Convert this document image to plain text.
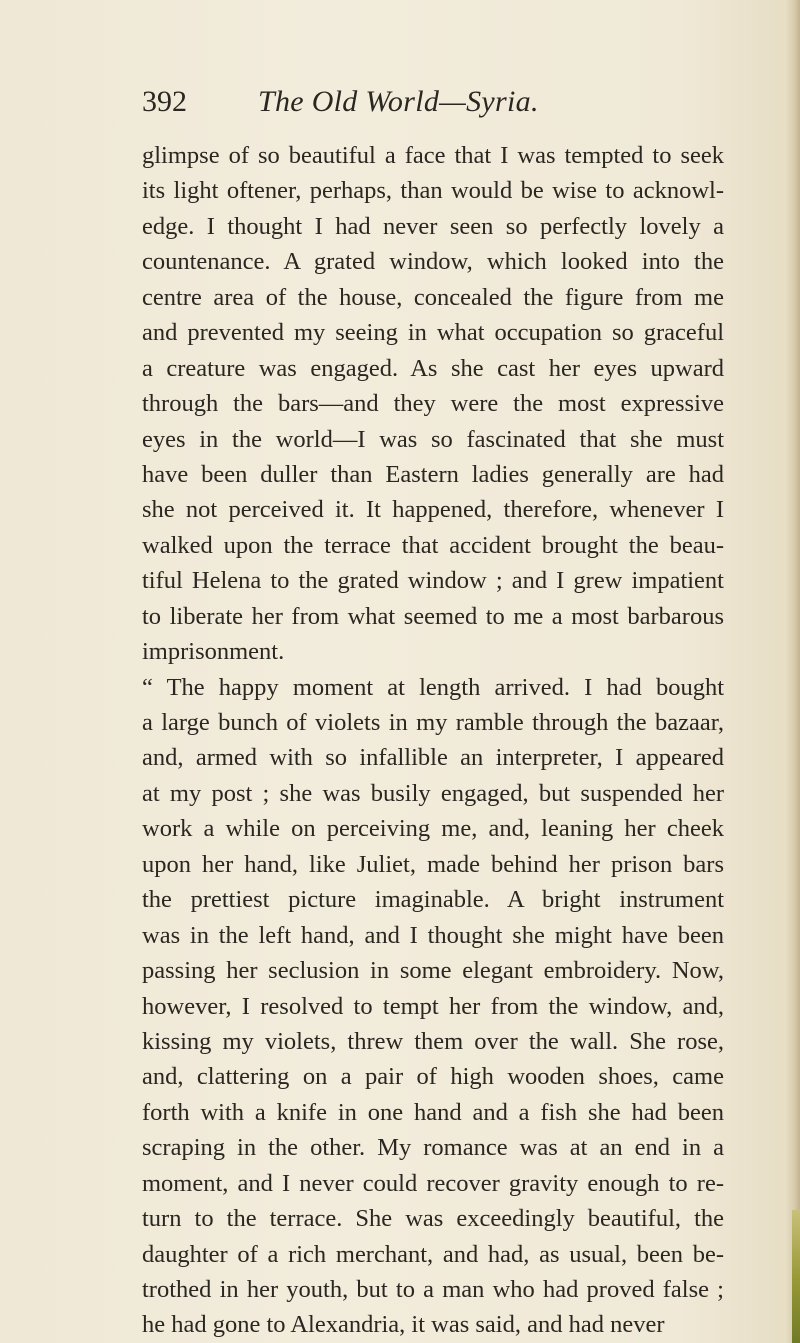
392 The Old World—Syria.
glimpse of so beautiful a face that I was tempted to seek
its light oftener, perhaps, than would be wise to acknowl-
edge. I thought I had never seen so perfectly lovely a
countenance. A grated window, which looked into the
centre area of the house, concealed the figure from me
and prevented my seeing in what occupation so graceful
a creature was engaged. As she cast her eyes upward
through the bars—and they were the most expressive
eyes in the world—I was so fascinated that she must
have been duller than Eastern ladies generally are had
she not perceived it. It happened, therefore, whenever I
walked upon the terrace that accident brought the beau-
tiful Helena to the grated window ; and I grew impatient
to liberate her from what seemed to me a most barbarous
imprisonment.
“ The happy moment at length arrived. I had bought
a large bunch of violets in my ramble through the bazaar,
and, armed with so infallible an interpreter, I appeared
at my post ; she was busily engaged, but suspended her
work a while on perceiving me, and, leaning her cheek
upon her hand, like Juliet, made behind her prison bars
the prettiest picture imaginable. A bright instrument
was in the left hand, and I thought she might have been
passing her seclusion in some elegant embroidery. Now,
however, I resolved to tempt her from the window, and,
kissing my violets, threw them over the wall. She rose,
and, clattering on a pair of high wooden shoes, came
forth with a knife in one hand and a fish she had been
scraping in the other. My romance was at an end in a
moment, and I never could recover gravity enough to re-
turn to the terrace. She was exceedingly beautiful, the
daughter of a rich merchant, and had, as usual, been be-
trothed in her youth, but to a man who had proved false ;
he had gone to Alexandria, it was said, and had never
